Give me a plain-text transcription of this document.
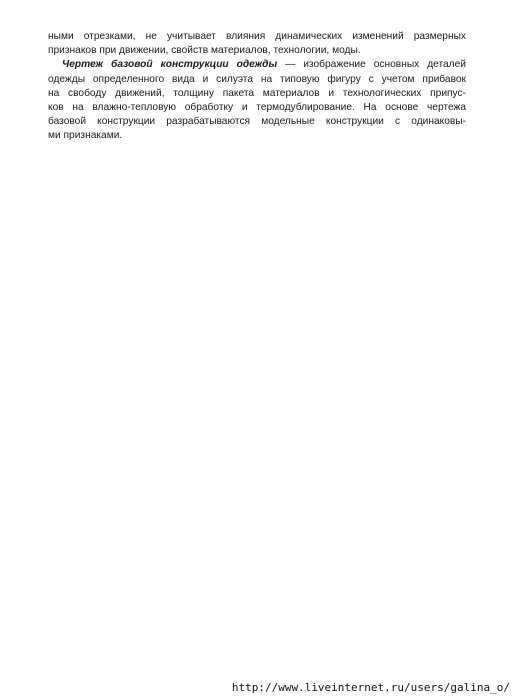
ными отрезками, не учитывает влияния динамических изменений размерных
признаков при движении, свойств материалов, технологии, моды.
Чертеж базовой конструкции одежды — изображение основных деталей
одежды определенного вида и силуэта на типовую фигуру с учетом прибавок
на свободу движений, толщину пакета материалов и технологических припус-
ков на влажно-тепловую обработку и термодублирование. На основе чертежа
базовой конструкции разрабатываются модельные конструкции с одинаковы-
ми признаками.
http://www.liveinternet.ru/users/galina_o/
